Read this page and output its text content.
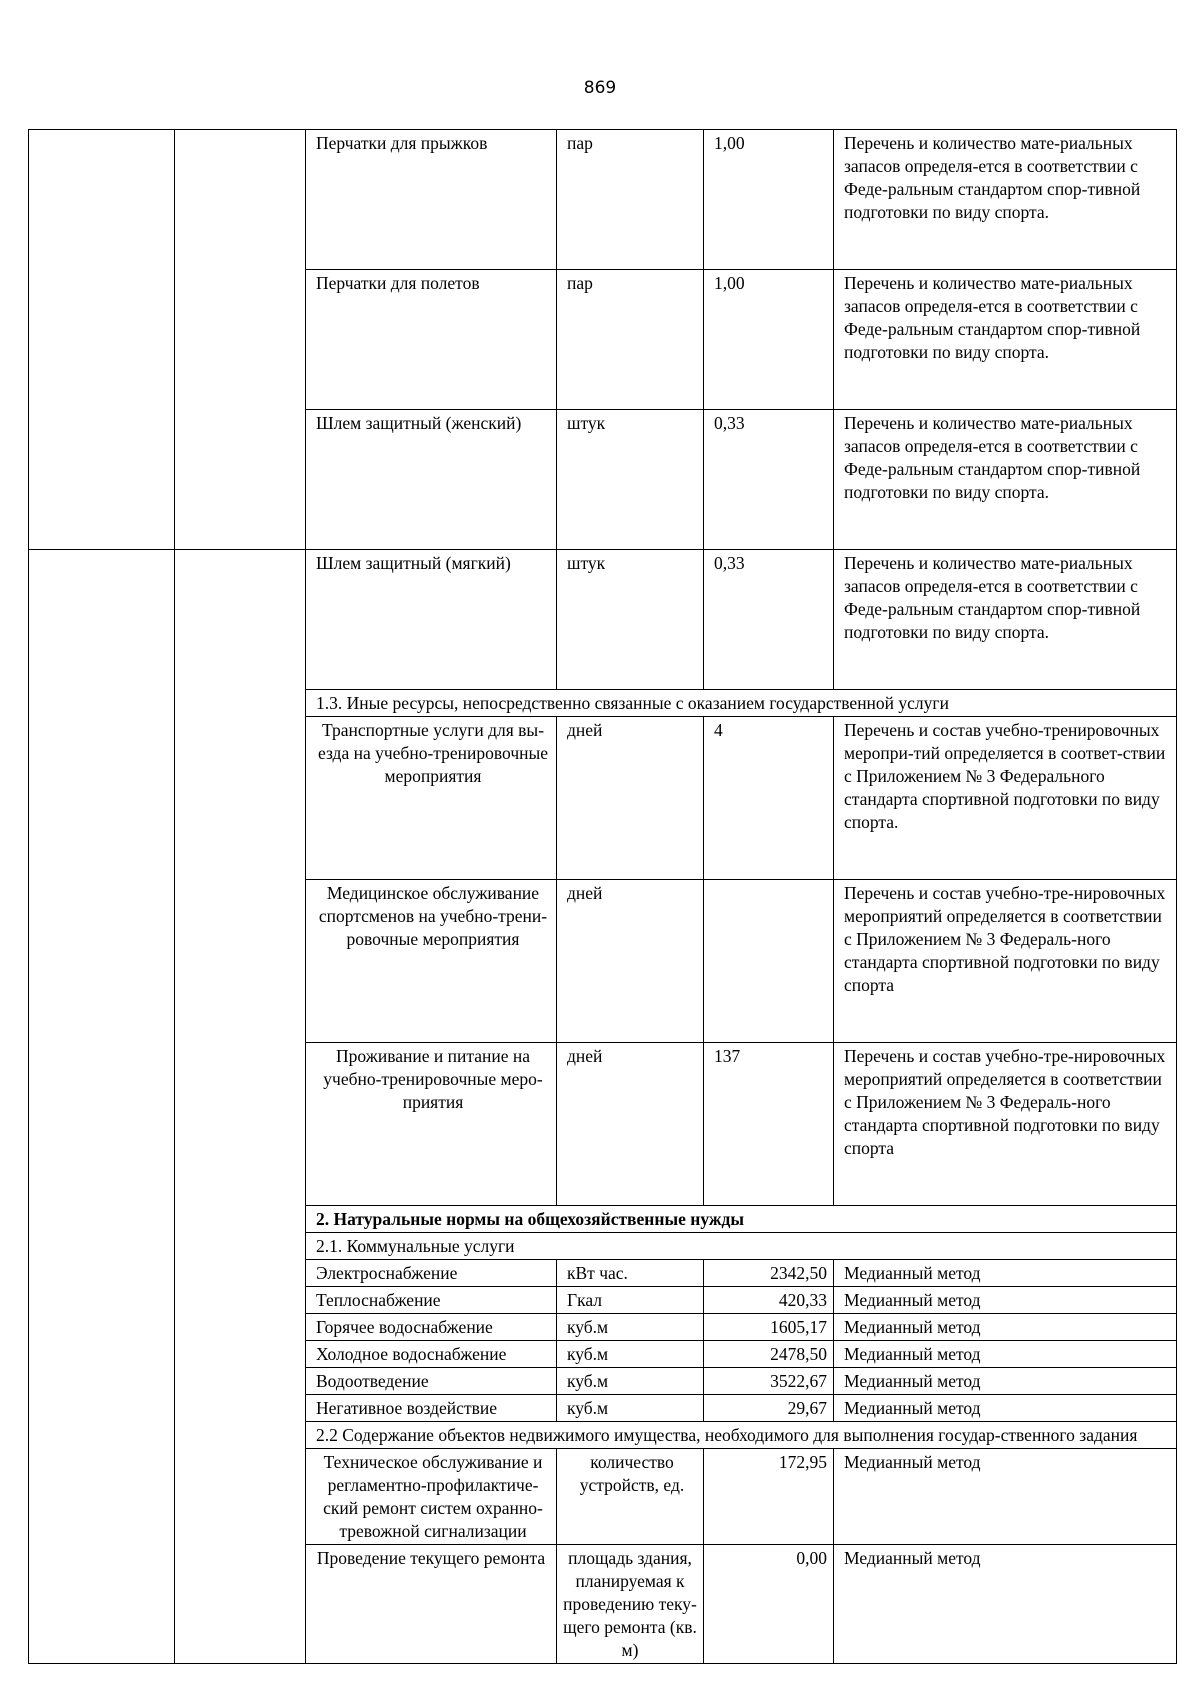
869
		Перчатки для прыжков	пар	1,00	Перечень и количество мате-риальных запасов определя-ется в соответствии с Феде-ральным стандартом спор-тивной подготовки по виду спорта.
		Перчатки для полетов	пар	1,00	Перечень и количество мате-риальных запасов определя-ется в соответствии с Феде-ральным стандартом спор-тивной подготовки по виду спорта.
		Шлем защитный (женский)	штук	0,33	Перечень и количество мате-риальных запасов определя-ется в соответствии с Феде-ральным стандартом спор-тивной подготовки по виду спорта.
		Шлем защитный (мягкий)	штук	0,33	Перечень и количество мате-риальных запасов определя-ется в соответствии с Феде-ральным стандартом спор-тивной подготовки по виду спорта.
		1.3. Иные ресурсы, непосредственно связанные с оказанием государственной услуги			
		Транспортные услуги для вы-езда на учебно-тренировочные мероприятия	дней	4	Перечень и состав учебно-тренировочных меропри-тий определяется в соответ-ствии с Приложением № 3 Федерального стандарта спортивной подготовки по виду спорта.
		Медицинское обслуживание спортсменов на учебно-трени-ровочные мероприятия	дней		Перечень и состав учебно-тре-нировочных мероприятий определяется в соответствии с Приложением № 3 Федераль-ного стандарта спортивной подготовки по виду спорта
		Проживание и питание на учебно-тренировочные меро-приятия	дней	137	Перечень и состав учебно-тре-нировочных мероприятий определяется в соответствии с Приложением № 3 Федераль-ного стандарта спортивной подготовки по виду спорта
		2. Натуральные нормы на общехозяйственные нужды			
		2.1. Коммунальные услуги			
		Электроснабжение	кВт час.	2342,50	Медианный метод
		Теплоснабжение	Гкал	420,33	Медианный метод
		Горячее водоснабжение	куб.м	1605,17	Медианный метод
		Холодное водоснабжение	куб.м	2478,50	Медианный метод
		Водоотведение	куб.м	3522,67	Медианный метод
		Негативное воздействие	куб.м	29,67	Медианный метод
		2.2 Содержание объектов недвижимого имущества, необходимого для выполнения государ-ственного задания			
		Техническое обслуживание и регламентно-профилактиче-ский ремонт систем охранно-тревожной сигнализации	количество устройств, ед.	172,95	Медианный метод
		Проведение текущего ремонта	площадь здания, планируемая к проведению теку-щего ремонта (кв. м)	0,00	Медианный метод
